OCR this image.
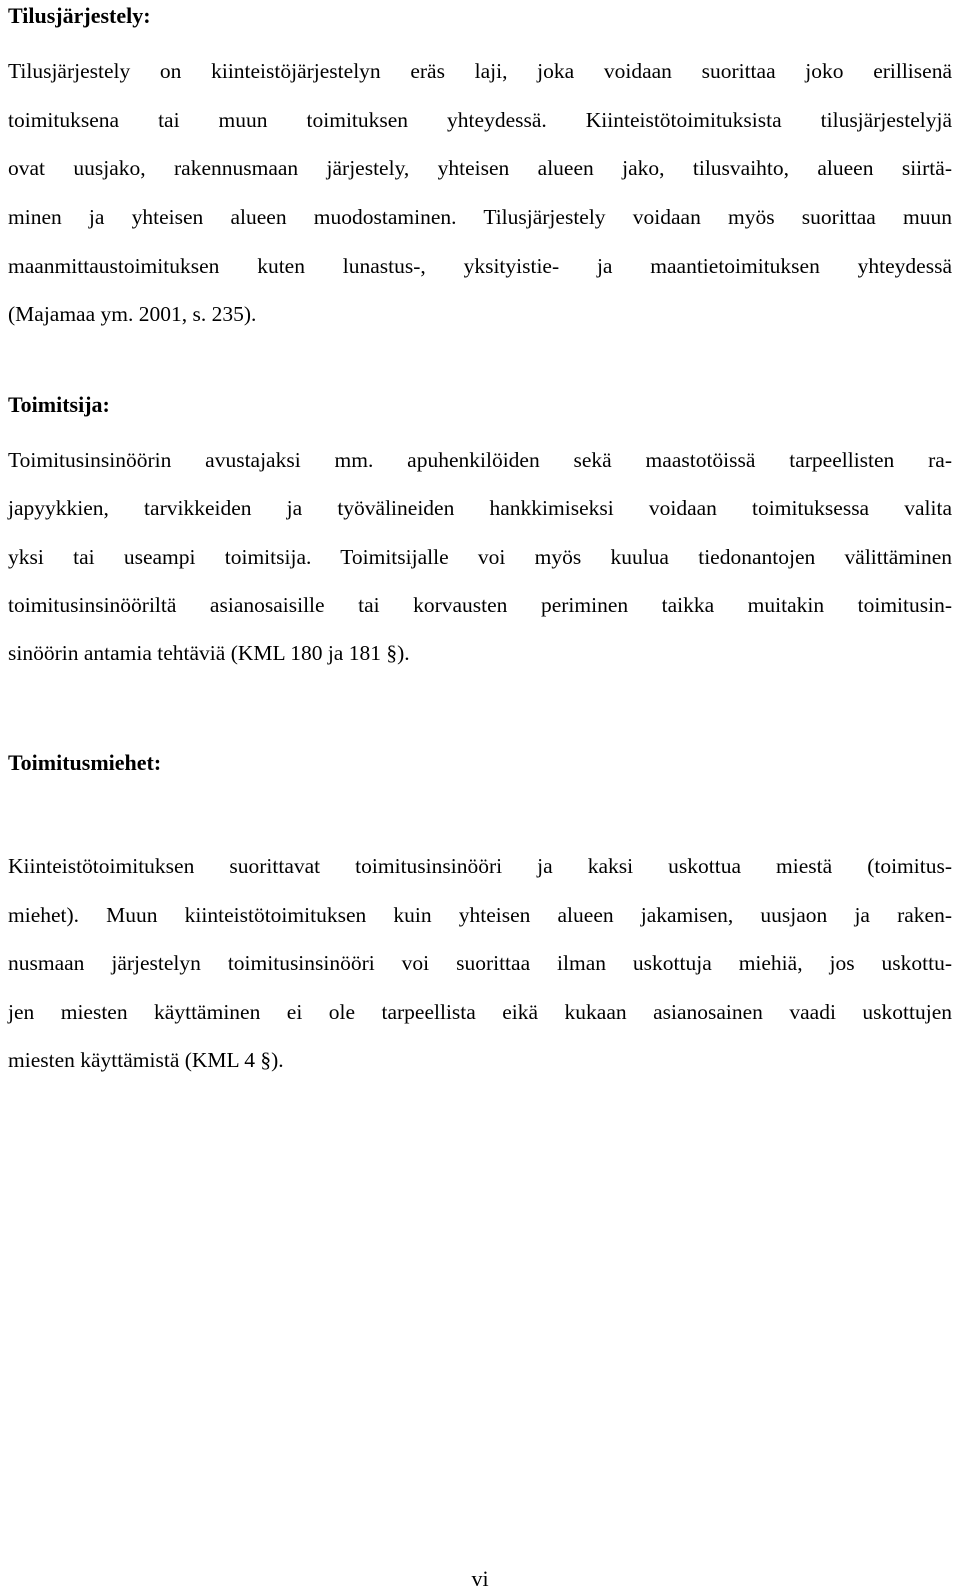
Tilusjärjestely:

Tilusjärjestely on kiinteistöjärjestelyn eräs laji, joka voidaan suorittaa joko erillisenä

toimituksena tai muun toimituksen yhteydessä. Kiinteistötoimituksista tilusjärjestelyjä

ovat uusjako, rakennusmaan järjestely, yhteisen alueen jako, tilusvaihto, alueen siirtä-

minen ja yhteisen alueen muodostaminen. Tilusjärjestely voidaan myös suorittaa muun

maanmittaustoimituksen kuten lunastus-, yksityistie- ja maantietoimituksen yhteydessä

(Majamaa ym. 2001, s. 235).

Toimitsija:

Toimitusinsinöörin avustajaksi mm. apuhenkilöiden sekä maastotöissä tarpeellisten ra-

japyykkien, tarvikkeiden ja työvälineiden hankkimiseksi voidaan toimituksessa valita

yksi tai useampi toimitsija. Toimitsijalle voi myös kuulua tiedonantojen välittäminen

toimitusinsinööriltä asianosaisille tai korvausten periminen taikka muitakin toimitusin-

sinöörin antamia tehtäviä (KML 180 ja 181 §).

Toimitusmiehet:

Kiinteistötoimituksen suorittavat toimitusinsinööri ja kaksi uskottua miestä (toimitus-

miehet). Muun kiinteistötoimituksen kuin yhteisen alueen jakamisen, uusjaon ja raken-

nusmaan järjestelyn toimitusinsinööri voi suorittaa ilman uskottuja miehiä, jos uskottu-

jen miesten käyttäminen ei ole tarpeellista eikä kukaan asianosainen vaadi uskottujen

miesten käyttämistä (KML 4 §).

vi
